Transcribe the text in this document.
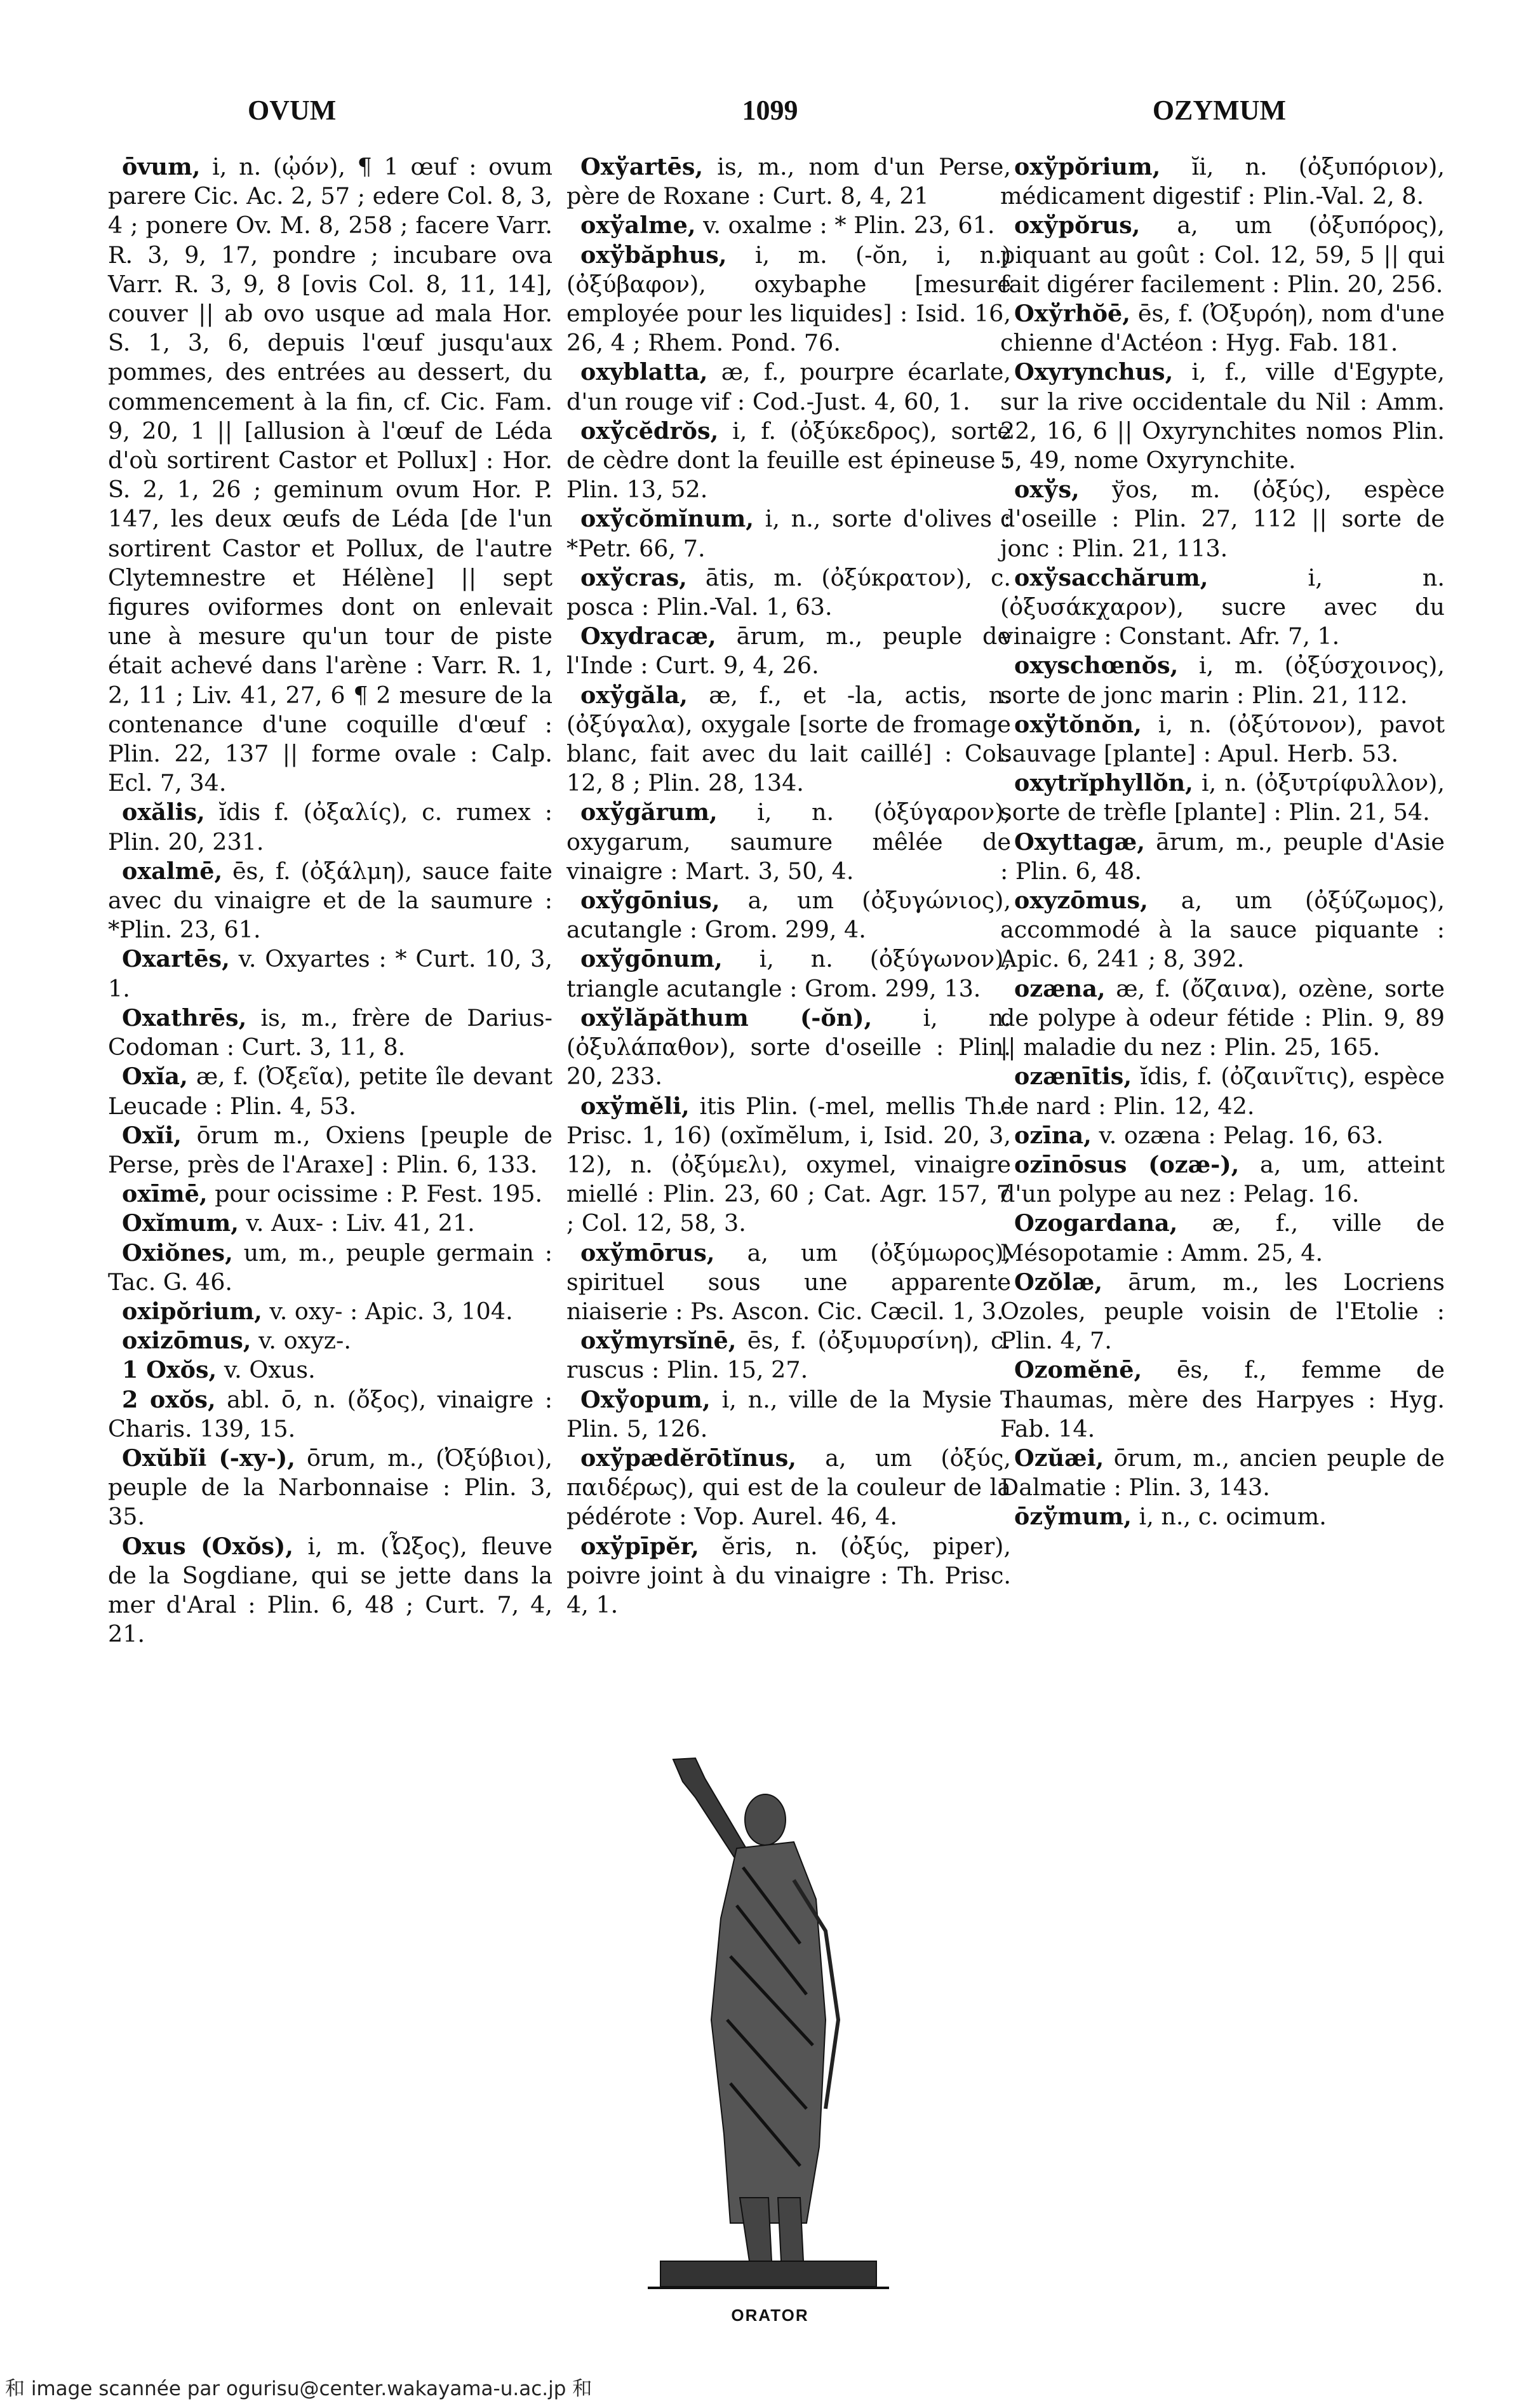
OVUM	1099	OZYMUM

ōvum, i, n. (ᾠόν), ¶ 1 œuf : ovum parere Cic. Ac. 2, 57 ; edere Col. 8, 3, 4 ; ponere Ov. M. 8, 258 ; facere Varr. R. 3, 9, 17, pondre ; incubare ova Varr. R. 3, 9, 8 [ovis Col. 8, 11, 14], couver || ab ovo usque ad mala Hor. S. 1, 3, 6, depuis l'œuf jusqu'aux pommes, des entrées au dessert, du commencement à la fin, cf. Cic. Fam. 9, 20, 1 || [allusion à l'œuf de Léda d'où sortirent Castor et Pollux] : Hor. S. 2, 1, 26 ; geminum ovum Hor. P. 147, les deux œufs de Léda [de l'un sortirent Castor et Pollux, de l'autre Clytemnestre et Hélène] || sept figures oviformes dont on enlevait une à mesure qu'un tour de piste était achevé dans l'arène : Varr. R. 1, 2, 11 ; Liv. 41, 27, 6 ¶ 2 mesure de la contenance d'une coquille d'œuf : Plin. 22, 137 || forme ovale : Calp. Ecl. 7, 34.

oxălis, ĭdis f. (ὀξαλίς), c. rumex : Plin. 20, 231.

oxalmē, ēs, f. (ὀξάλμη), sauce faite avec du vinaigre et de la saumure : *Plin. 23, 61.

Oxartēs, v. Oxyartes : * Curt. 10, 3, 1.

Oxathrēs, is, m., frère de Darius-Codoman : Curt. 3, 11, 8.

Oxĭa, æ, f. (Ὀξεῖα), petite île devant Leucade : Plin. 4, 53.

Oxĭi, ōrum m., Oxiens [peuple de Perse, près de l'Araxe] : Plin. 6, 133.

oxīmē, pour ocissime : P. Fest. 195.

Oxĭmum, v. Aux- : Liv. 41, 21.

Oxiŏnes, um, m., peuple germain : Tac. G. 46.

oxipŏrium, v. oxy- : Apic. 3, 104.

oxizōmus, v. oxyz-.

1 Oxŏs, v. Oxus.

2 oxŏs, abl. ō, n. (ὄξος), vinaigre : Charis. 139, 15.

Oxŭbĭi (-xy-), ōrum, m., (Ὀξύβιοι), peuple de la Narbonnaise : Plin. 3, 35.

Oxus (Oxŏs), i, m. (Ὦξος), fleuve de la Sogdiane, qui se jette dans la mer d'Aral : Plin. 6, 48 ; Curt. 7, 4, 21.

Oxўartēs, is, m., nom d'un Perse, père de Roxane : Curt. 8, 4, 21

oxўalme, v. oxalme : * Plin. 23, 61.

oxўbăphus, i, m. (-ŏn, i, n.) (ὀξύβαφον), oxybaphe [mesure employée pour les liquides] : Isid. 16, 26, 4 ; Rhem. Pond. 76.

oxyblatta, æ, f., pourpre écarlate, d'un rouge vif : Cod.-Just. 4, 60, 1.

oxўcĕdrŏs, i, f. (ὀξύκεδρος), sorte de cèdre dont la feuille est épineuse : Plin. 13, 52.

oxўcŏmĭnum, i, n., sorte d'olives : *Petr. 66, 7.

oxўcras, ātis, m. (ὀξύκρατον), c. posca : Plin.-Val. 1, 63.

Oxydracæ, ārum, m., peuple de l'Inde : Curt. 9, 4, 26.

oxўgăla, æ, f., et -la, actis, n. (ὀξύγαλα), oxygale [sorte de fromage blanc, fait avec du lait caillé] : Col. 12, 8 ; Plin. 28, 134.

oxўgărum, i, n. (ὀξύγαρον), oxygarum, saumure mêlée de vinaigre : Mart. 3, 50, 4.

oxўgōnius, a, um (ὀξυγώνιος), acutangle : Grom. 299, 4.

oxўgōnum, i, n. (ὀξύγωνον), triangle acutangle : Grom. 299, 13.

oxўlăpăthum (-ŏn), i, n. (ὀξυλάπαθον), sorte d'oseille : Plin. 20, 233.

oxўmĕli, itis Plin. (-mel, mellis Th.-Prisc. 1, 16) (oxĭmĕlum, i, Isid. 20, 3, 12), n. (ὀξύμελι), oxymel, vinaigre miellé : Plin. 23, 60 ; Cat. Agr. 157, 7 ; Col. 12, 58, 3.

oxўmōrus, a, um (ὀξύμωρος), spirituel sous une apparente niaiserie : Ps. Ascon. Cic. Cæcil. 1, 3.

oxўmyrsĭnē, ēs, f. (ὀξυμυρσίνη), c. ruscus : Plin. 15, 27.

Oxўopum, i, n., ville de la Mysie : Plin. 5, 126.

oxўpædĕrōtĭnus, a, um (ὀξύς, παιδέρως), qui est de la couleur de la pédérote : Vop. Aurel. 46, 4.

oxўpīpĕr, ĕris, n. (ὀξύς, piper), poivre joint à du vinaigre : Th. Prisc. 4, 1.

oxўpŏrium, ĭi, n. (ὀξυπόριον), médicament digestif : Plin.-Val. 2, 8.

oxўpŏrus, a, um (ὀξυπόρος), piquant au goût : Col. 12, 59, 5 || qui fait digérer facilement : Plin. 20, 256.

Oxўrhŏē, ēs, f. (Ὀξυρόη), nom d'une chienne d'Actéon : Hyg. Fab. 181.

Oxyrynchus, i, f., ville d'Egypte, sur la rive occidentale du Nil : Amm. 22, 16, 6 || Oxyrynchites nomos Plin. 5, 49, nome Oxyrynchite.

oxўs, ўos, m. (ὀξύς), espèce d'oseille : Plin. 27, 112 || sorte de jonc : Plin. 21, 113.

oxўsacchărum,	i, n. (ὀξυσάκχαρον), sucre avec du vinaigre : Constant. Afr. 7, 1.

oxyschœnŏs, i, m. (ὀξύσχοινος), sorte de jonc marin : Plin. 21, 112.

oxўtŏnŏn, i, n. (ὀξύτονον), pavot sauvage [plante] : Apul. Herb. 53.

oxytrĭphyllŏn, i, n. (ὀξυτρίφυλλον), sorte de trèfle [plante] : Plin. 21, 54.

Oxyttagæ, ārum, m., peuple d'Asie : Plin. 6, 48.

oxyzōmus, a, um (ὀξύζωμος), accommodé à la sauce piquante : Apic. 6, 241 ; 8, 392.

ozæna, æ, f. (ὄζαινα), ozène, sorte de polype à odeur fétide : Plin. 9, 89 || maladie du nez : Plin. 25, 165.

ozænītis, ĭdis, f. (ὀζαινῖτις), espèce de nard : Plin. 12, 42.

ozīna, v. ozæna : Pelag. 16, 63.

ozīnōsus (ozæ-), a, um, atteint d'un polype au nez : Pelag. 16.

Ozogardana, æ, f., ville de Mésopotamie : Amm. 25, 4.

Ozŏlæ, ārum, m., les Locriens Ozoles, peuple voisin de l'Etolie : Plin. 4, 7.

Ozomĕnē, ēs, f., femme de Thaumas, mère des Harpyes : Hyg. Fab. 14.

Ozŭæi, ōrum, m., ancien peuple de Dalmatie : Plin. 3, 143.

ōzўmum, i, n., c. ocimum.

ORATOR
和 image scannée par ogurisu@center.wakayama-u.ac.jp 和
